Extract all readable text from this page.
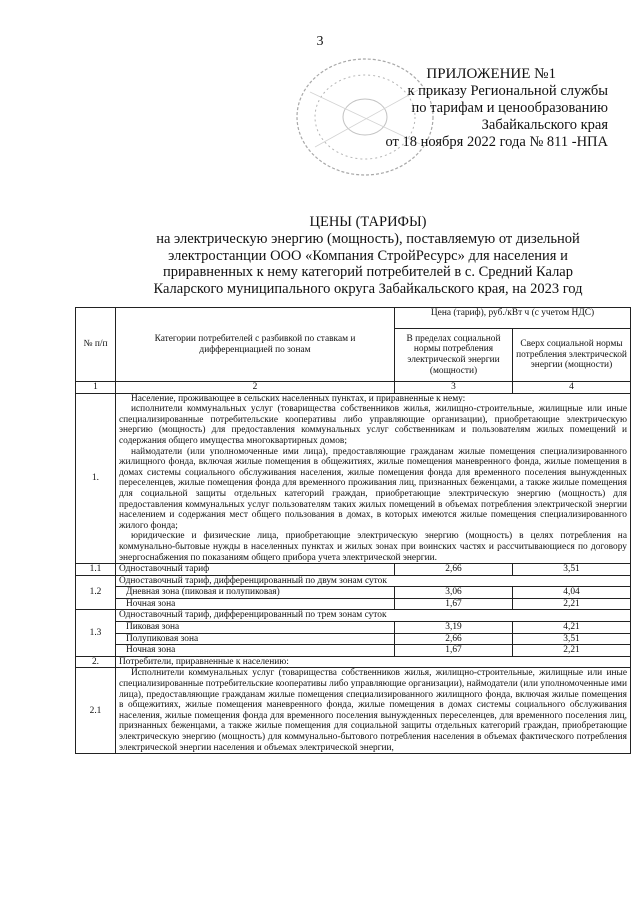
3
ПРИЛОЖЕНИЕ №1
к приказу Региональной службы
по тарифам и ценообразованию
Забайкальского края
от 18 ноября 2022 года № 811 -НПА
ЦЕНЫ (ТАРИФЫ)
на электрическую энергию (мощность), поставляемую от дизельной
электростанции ООО «Компания СтройРесурс» для населения и
приравненных к нему категорий потребителей в с. Средний Калар
Каларского муниципального округа Забайкальского края, на 2023 год
№ п/п	Категории потребителей с разбивкой по ставкам и дифференциацией по зонам	Цена (тариф), руб./кВт ч (с учетом НДС)	
		В пределах социальной нормы потребления электрической энергии (мощности)	Сверх социальной нормы потребления электрической энергии (мощности)
1	2	3	4
1.	Население, проживающее в сельских населенных пунктах, и приравненные к нему:

исполнители коммунальных услуг (товарищества собственников жилья, жилищно-строительные, жилищные или иные специализированные потребительские кооперативы либо управляющие организации), приобретающие электрическую энергию (мощность) для предоставления коммунальных услуг собственникам и пользователям жилых помещений и содержания общего имущества многоквартирных домов;

наймодатели (или уполномоченные ими лица), предоставляющие гражданам жилые помещения специализированного жилищного фонда, включая жилые помещения в общежитиях, жилые помещения маневренного фонда, жилые помещения в домах системы социального обслуживания населения, жилые помещения фонда для временного поселения вынужденных переселенцев, жилые помещения фонда для временного проживания лиц, признанных беженцами, а также жилые помещения для социальной защиты отдельных категорий граждан, приобретающие электрическую энергию (мощность) для предоставления коммунальных услуг пользователям таких жилых помещений в объемах потребления электрической энергии населением и содержания мест общего пользования в домах, в которых имеются жилые помещения специализированного жилого фонда;

юридические и физические лица, приобретающие электрическую энергию (мощность) в целях потребления на коммунально-бытовые нужды в населенных пунктах и жилых зонах при воинских частях и рассчитывающиеся по договору энергоснабжения по показаниям общего прибора учета электрической энергии.		

1.1	Одноставочный тариф	2,66	3,51
1.2	Одноставочный тариф, дифференцированный по двум зонам суток		
	Дневная зона (пиковая и полупиковая)	3,06	4,04
	Ночная зона	1,67	2,21
1.3	Одноставочный тариф, дифференцированный по трем зонам суток		
	Пиковая зона	3,19	4,21
	Полупиковая зона	2,66	3,51
	Ночная зона	1,67	2,21
2.	Потребители, приравненные к населению:		
2.1	Исполнители коммунальных услуг (товарищества собственников жилья, жилищно-строительные, жилищные или иные специализированные потребительские кооперативы либо управляющие организации), наймодатели (или уполномоченные ими лица), предоставляющие гражданам жилые помещения специализированного жилищного фонда, включая жилые помещения в общежитиях, жилые помещения маневренного фонда, жилые помещения в домах системы социального обслуживания населения, жилые помещения фонда для временного поселения вынужденных переселенцев, для временного поселения лиц, признанных беженцами, а также жилые помещения для социальной защиты отдельных категорий граждан, приобретающие электрическую энергию (мощность) для коммунально-бытового потребления населения в объемах фактического потребления электрической энергии населения и объемах электрической энергии,		
